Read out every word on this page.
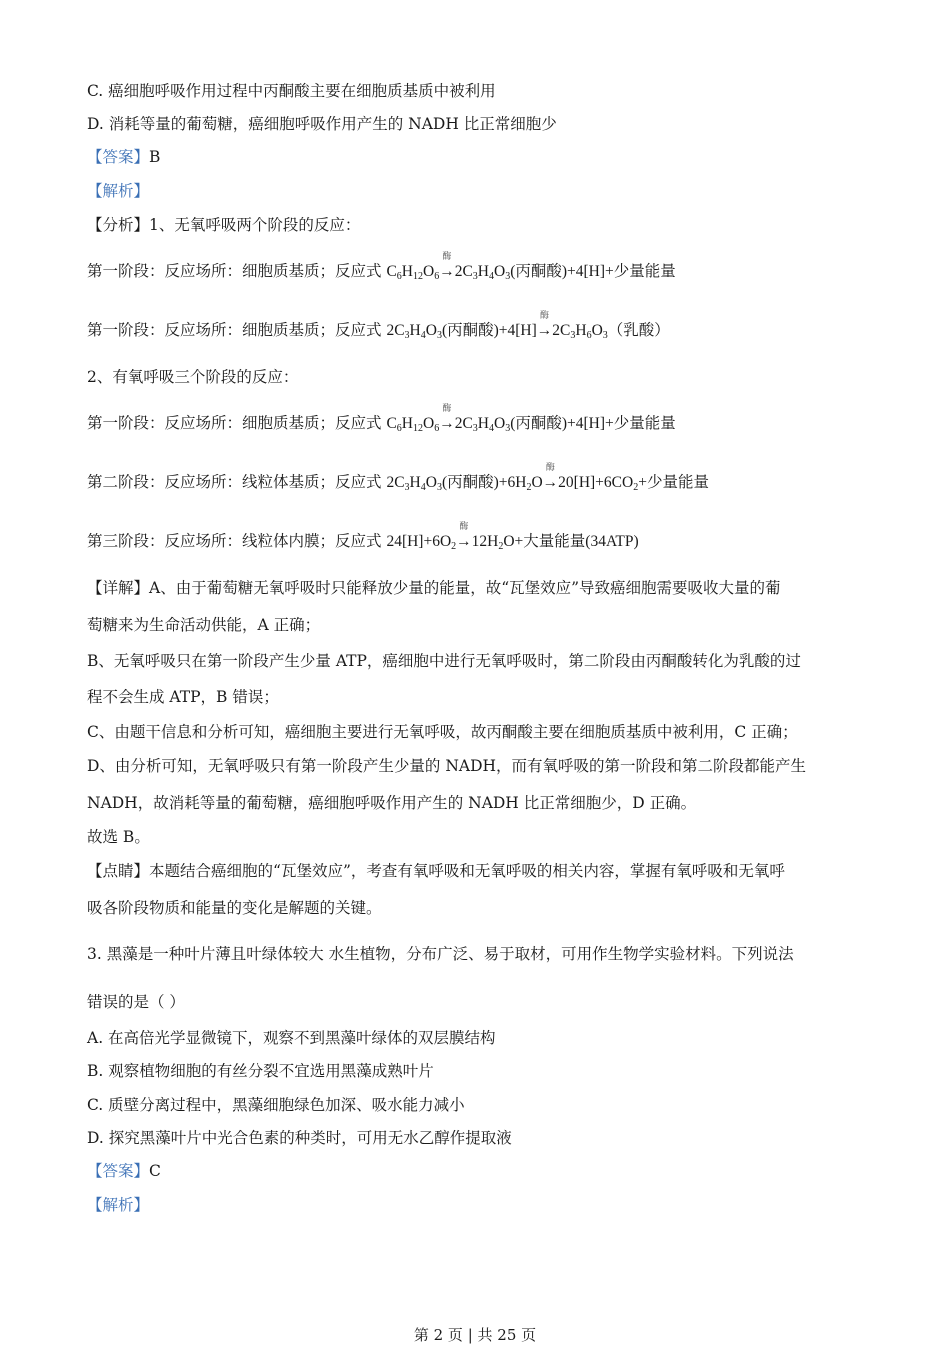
C. 癌细胞呼吸作用过程中丙酮酸主要在细胞质基质中被利用
D. 消耗等量的葡萄糖，癌细胞呼吸作用产生的 NADH 比正常细胞少
【答案】B
【解析】
【分析】1、无氧呼吸两个阶段的反应：
第一阶段：反应场所：细胞质基质；反应式 $C_6H_{12}O_6$
酶
$\to 2C_3H_4O_3$(丙酮酸)+4[H]+少量能量
第一阶段：反应场所：细胞质基质；反应式 $2C_3H_4O_3$(丙酮酸)+4[H]
酶
$\to 2C_3H_6O_3$（乳酸）
2、有氧呼吸三个阶段的反应：
第一阶段：反应场所：细胞质基质；反应式 $C_6H_{12}O_6$
酶
$\to 2C_3H_4O_3$(丙酮酸)+4[H]+少量能量
第二阶段：反应场所：线粒体基质；反应式 $2C_3H_4O_3$(丙酮酸)$+6H_2O$
酶
$\to 20[H]+6CO_2+$少量能量
第三阶段：反应场所：线粒体内膜；反应式 $24[H]+6O_2$
酶
$\to 12H_2O+$大量能量(34ATP)
【详解】A、由于葡萄糖无氧呼吸时只能释放少量的能量，故“瓦堡效应”导致癌细胞需要吸收大量的葡
萄糖来为生命活动供能，A 正确；
B、无氧呼吸只在第一阶段产生少量 ATP，癌细胞中进行无氧呼吸时，第二阶段由丙酮酸转化为乳酸的过
程不会生成 ATP，B 错误；
C、由题干信息和分析可知，癌细胞主要进行无氧呼吸，故丙酮酸主要在细胞质基质中被利用，C 正确；
D、由分析可知，无氧呼吸只有第一阶段产生少量的 NADH，而有氧呼吸的第一阶段和第二阶段都能产生
NADH，故消耗等量的葡萄糖，癌细胞呼吸作用产生的 NADH 比正常细胞少，D 正确。
故选 B。
【点睛】本题结合癌细胞的“瓦堡效应”，考查有氧呼吸和无氧呼吸的相关内容，掌握有氧呼吸和无氧呼
吸各阶段物质和能量的变化是解题的关键。
3. 黑藻是一种叶片薄且叶绿体较大 水生植物，分布广泛、易于取材，可用作生物学实验材料。下列说法
错误的是（ ）
A. 在高倍光学显微镜下，观察不到黑藻叶绿体的双层膜结构
B. 观察植物细胞的有丝分裂不宜选用黑藻成熟叶片
C. 质壁分离过程中，黑藻细胞绿色加深、吸水能力减小
D. 探究黑藻叶片中光合色素的种类时，可用无水乙醇作提取液
【答案】C
【解析】
第 2 页 | 共 25 页
